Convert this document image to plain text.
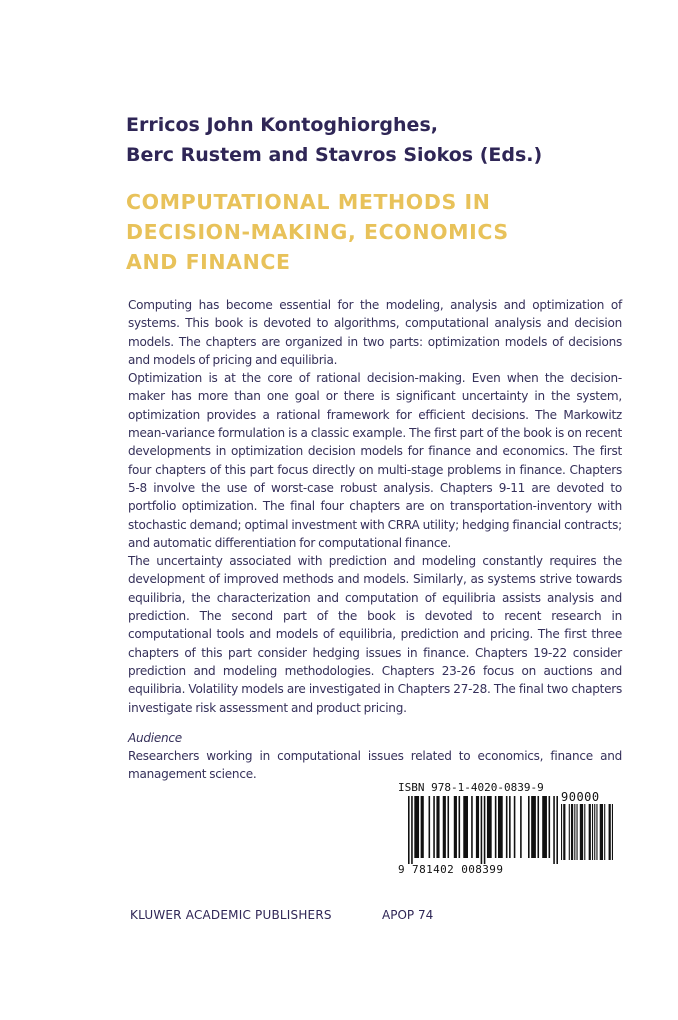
Erricos John Kontoghiorghes,
Berc Rustem and Stavros Siokos (Eds.)
COMPUTATIONAL METHODS IN
DECISION-MAKING, ECONOMICS
AND FINANCE

Computing has become essential for the modeling, analysis and optimization of systems. This book is devoted to algorithms, computational analysis and decision models. The chapters are organized in two parts: optimization models of decisions and models of pricing and equilibria.

Optimization is at the core of rational decision-making. Even when the decision-maker has more than one goal or there is significant uncertainty in the system, optimization provides a rational framework for efficient decisions. The Markowitz mean-variance formulation is a classic example. The first part of the book is on recent developments in optimization decision models for finance and economics. The first four chapters of this part focus directly on multi-stage problems in finance. Chapters 5-8 involve the use of worst-case robust analysis. Chapters 9-11 are devoted to portfolio optimization. The final four chapters are on transportation-inventory with stochastic demand; optimal investment with CRRA utility; hedging financial contracts; and automatic differentiation for computational finance.

The uncertainty associated with prediction and modeling constantly requires the development of improved methods and models. Similarly, as systems strive towards equilibria, the characterization and computation of equilibria assists analysis and prediction. The second part of the book is devoted to recent research in computational tools and models of equilibria, prediction and pricing. The first three chapters of this part consider hedging issues in finance. Chapters 19-22 consider prediction and modeling methodologies. Chapters 23-26 focus on auctions and equilibria. Volatility models are investigated in Chapters 27-28. The final two chapters investigate risk assessment and product pricing.

Audience

Researchers working in computational issues related to economics, finance and management science.

ISBN 978-1-4020-0839-9
90000
9 781402 008399
KLUWER ACADEMIC PUBLISHERS	APOP 74
